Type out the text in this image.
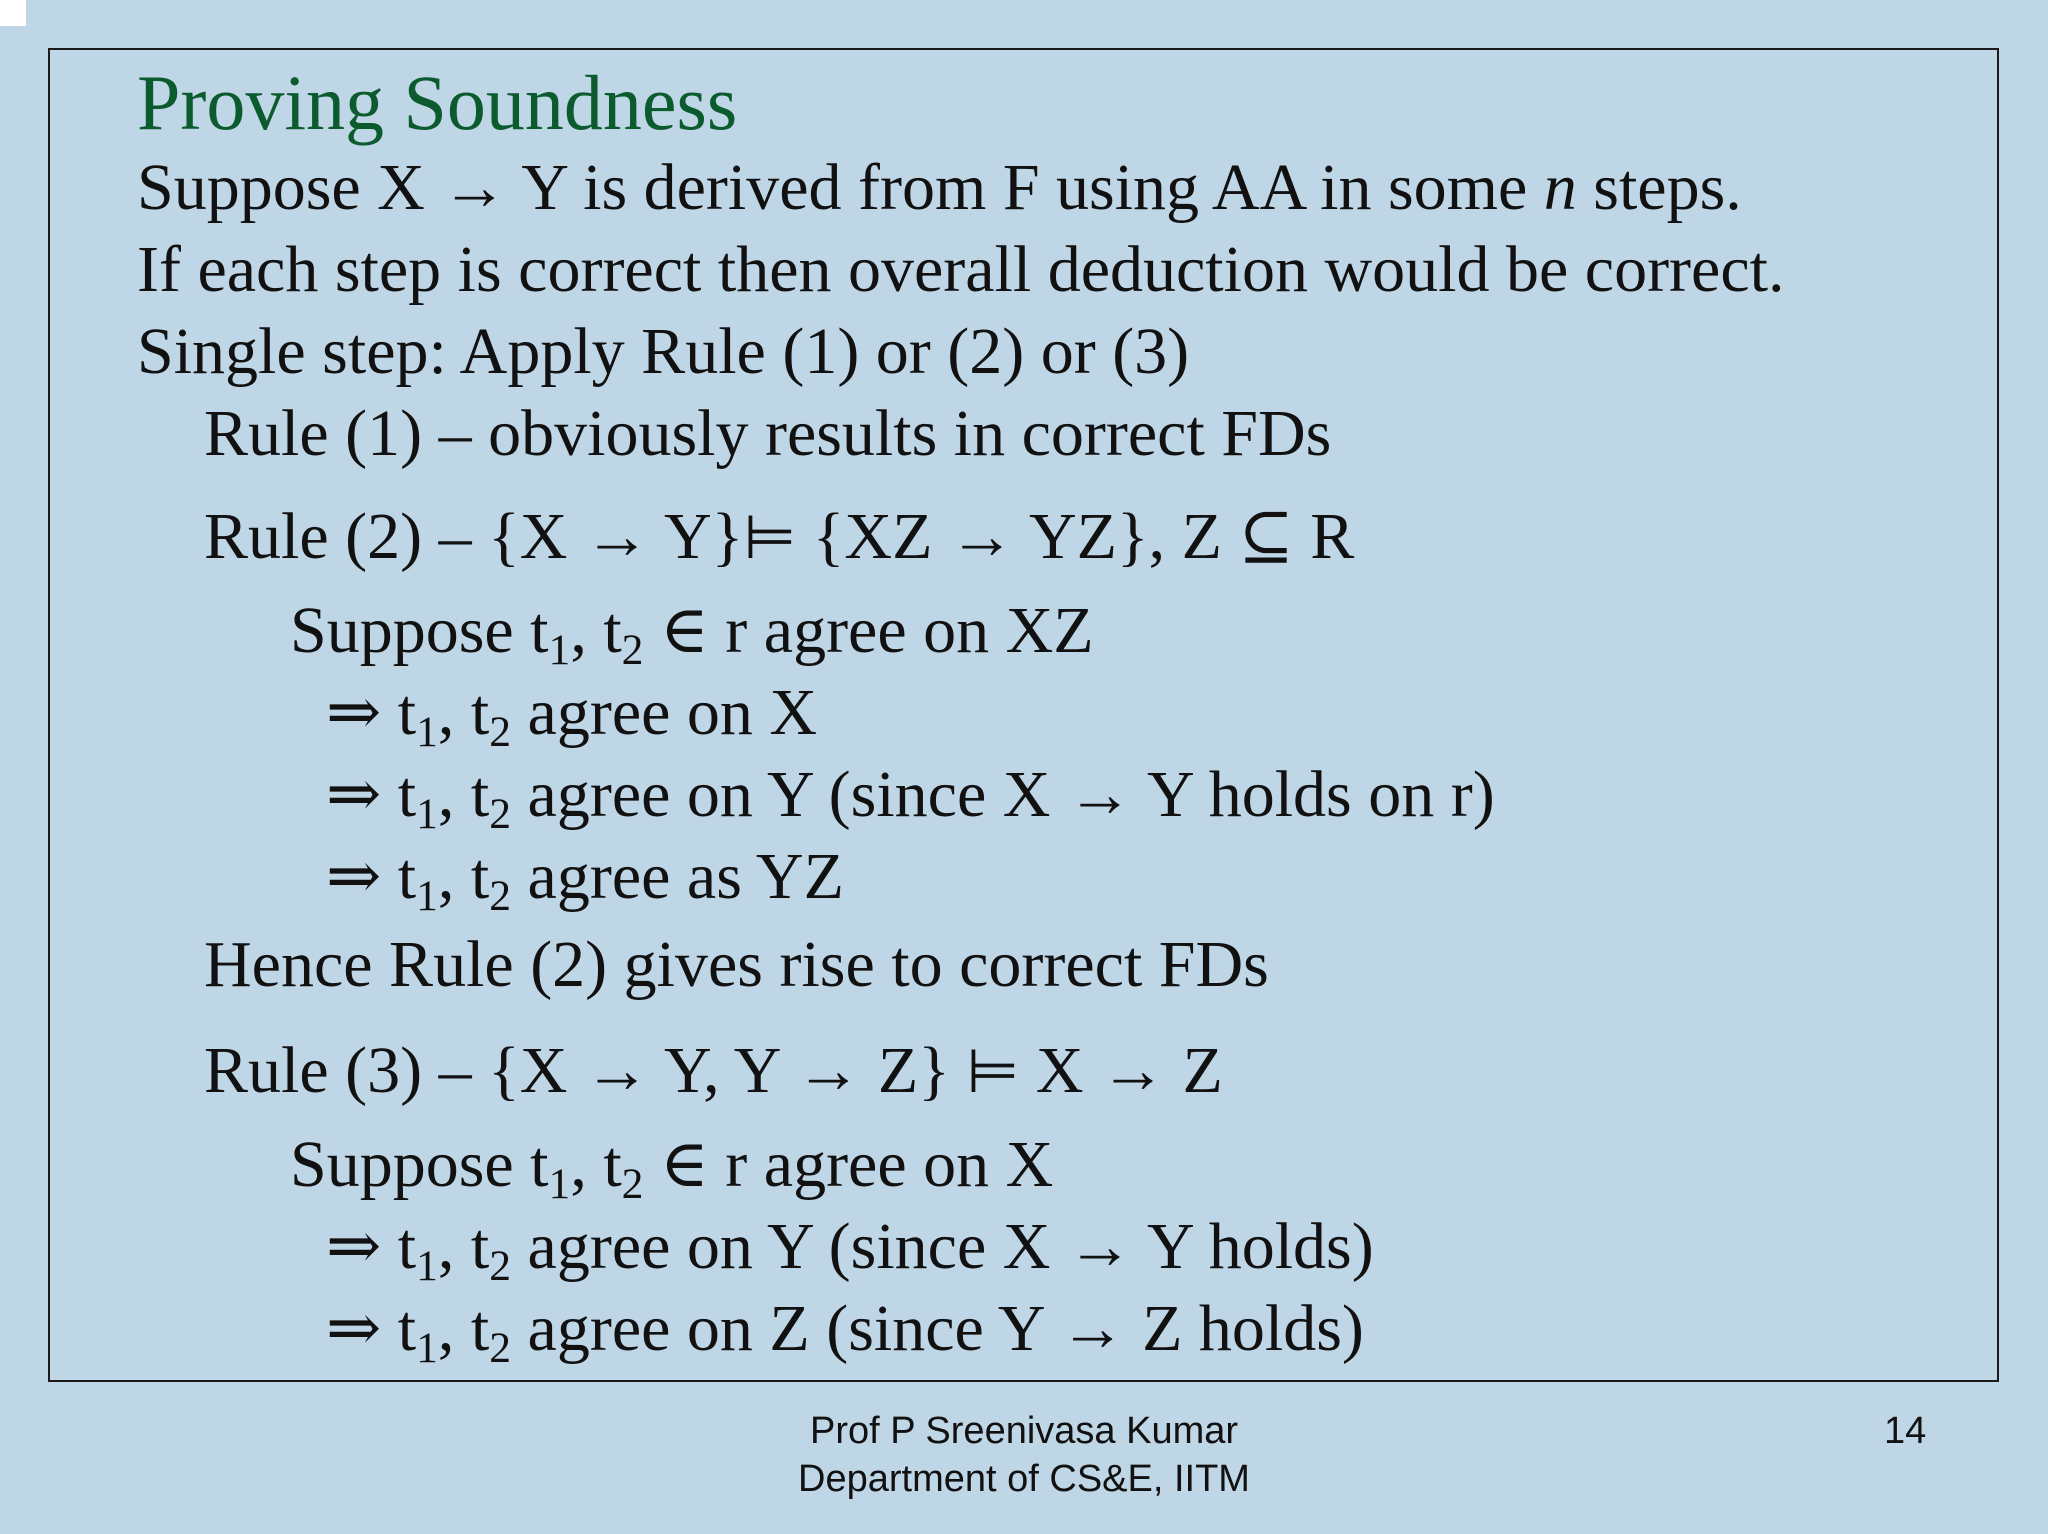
Proving Soundness

Suppose X → Y is derived from F using AA in some n steps.

If each step is correct then overall deduction would be correct.

Single step: Apply Rule (1) or (2) or (3)

Rule (1) – obviously results in correct FDs

Rule (2) – {X → Y}⊨ {XZ → YZ}, Z ⊆ R

Suppose $t_1$, $t_2$ ∈ r agree on XZ

⇒ $t_1$, $t_2$ agree on X

⇒ $t_1$, $t_2$ agree on Y (since X → Y holds on r)

⇒ $t_1$, $t_2$ agree as YZ

Hence Rule (2) gives rise to correct FDs

Rule (3) – {X → Y, Y → Z} ⊨ X → Z

Suppose $t_1$, $t_2$ ∈ r agree on X

⇒ $t_1$, $t_2$ agree on Y (since X → Y holds)

⇒ $t_1$, $t_2$ agree on Z (since Y → Z holds)

Prof P Sreenivasa Kumar

Department of CS&E, IITM

14
